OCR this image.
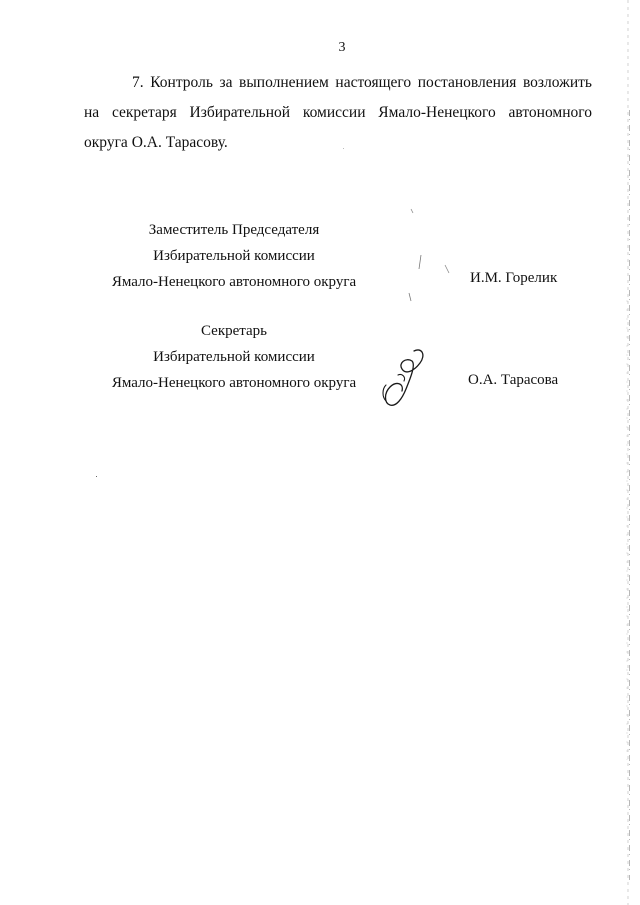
3

7. Контроль за выполнением настоящего постановления возложить на секретаря Избирательной комиссии Ямало-Ненецкого автономного округа О.А. Тарасову.

Заместитель Председателя
Избирательной комиссии
Ямало-Ненецкого автономного округа	И.М. Горелик
Секретарь
Избирательной комиссии
Ямало-Ненецкого автономного округа	О.А. Тарасова
